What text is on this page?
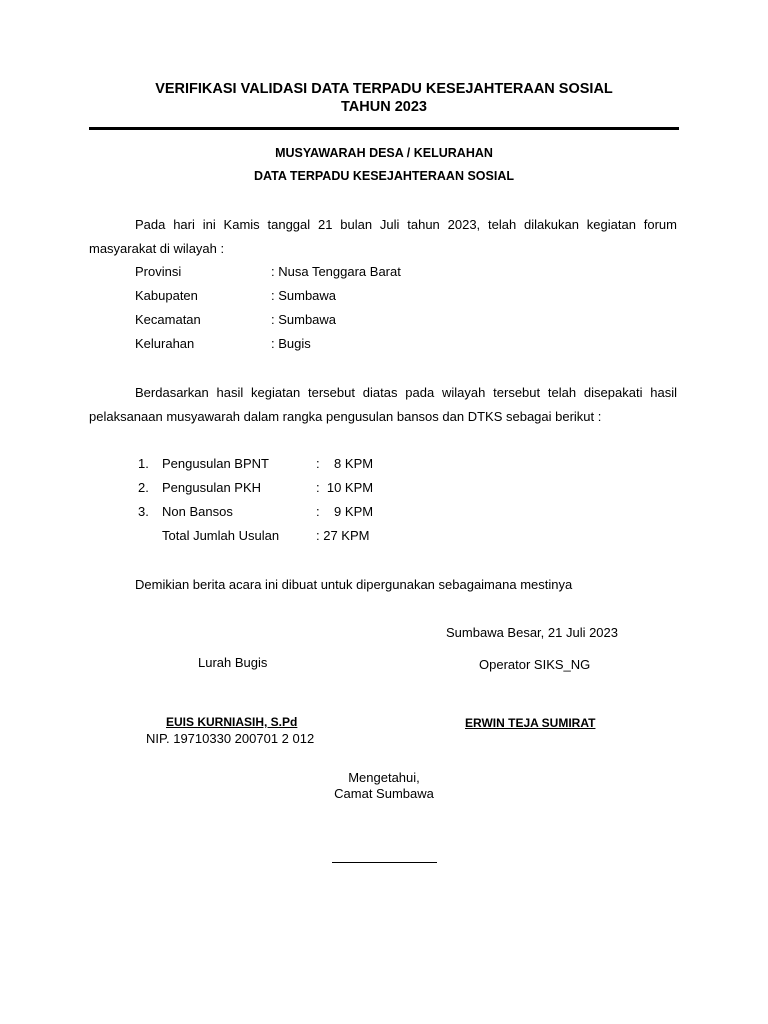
VERIFIKASI VALIDASI DATA TERPADU KESEJAHTERAAN SOSIAL
TAHUN 2023
MUSYAWARAH DESA / KELURAHAN
DATA TERPADU KESEJAHTERAAN SOSIAL
Pada hari ini Kamis tanggal 21 bulan Juli tahun 2023, telah dilakukan kegiatan forum masyarakat di wilayah :
Provinsi	: Nusa Tenggara Barat
Kabupaten	: Sumbawa
Kecamatan	: Sumbawa
Kelurahan	: Bugis
Berdasarkan hasil kegiatan tersebut diatas pada wilayah tersebut telah disepakati hasil pelaksanaan musyawarah dalam rangka pengusulan bansos dan DTKS sebagai berikut :
1. Pengusulan BPNT	:    8 KPM
2. Pengusulan PKH	:  10 KPM
3. Non Bansos	:    9 KPM
Total Jumlah Usulan	: 27 KPM
Demikian berita acara ini dibuat untuk dipergunakan sebagaimana mestinya
Sumbawa Besar, 21 Juli 2023
Lurah Bugis	Operator SIKS_NG
EUIS KURNIASIH, S.Pd
NIP. 19710330 200701 2 012
ERWIN TEJA SUMIRAT
Mengetahui,
Camat Sumbawa
